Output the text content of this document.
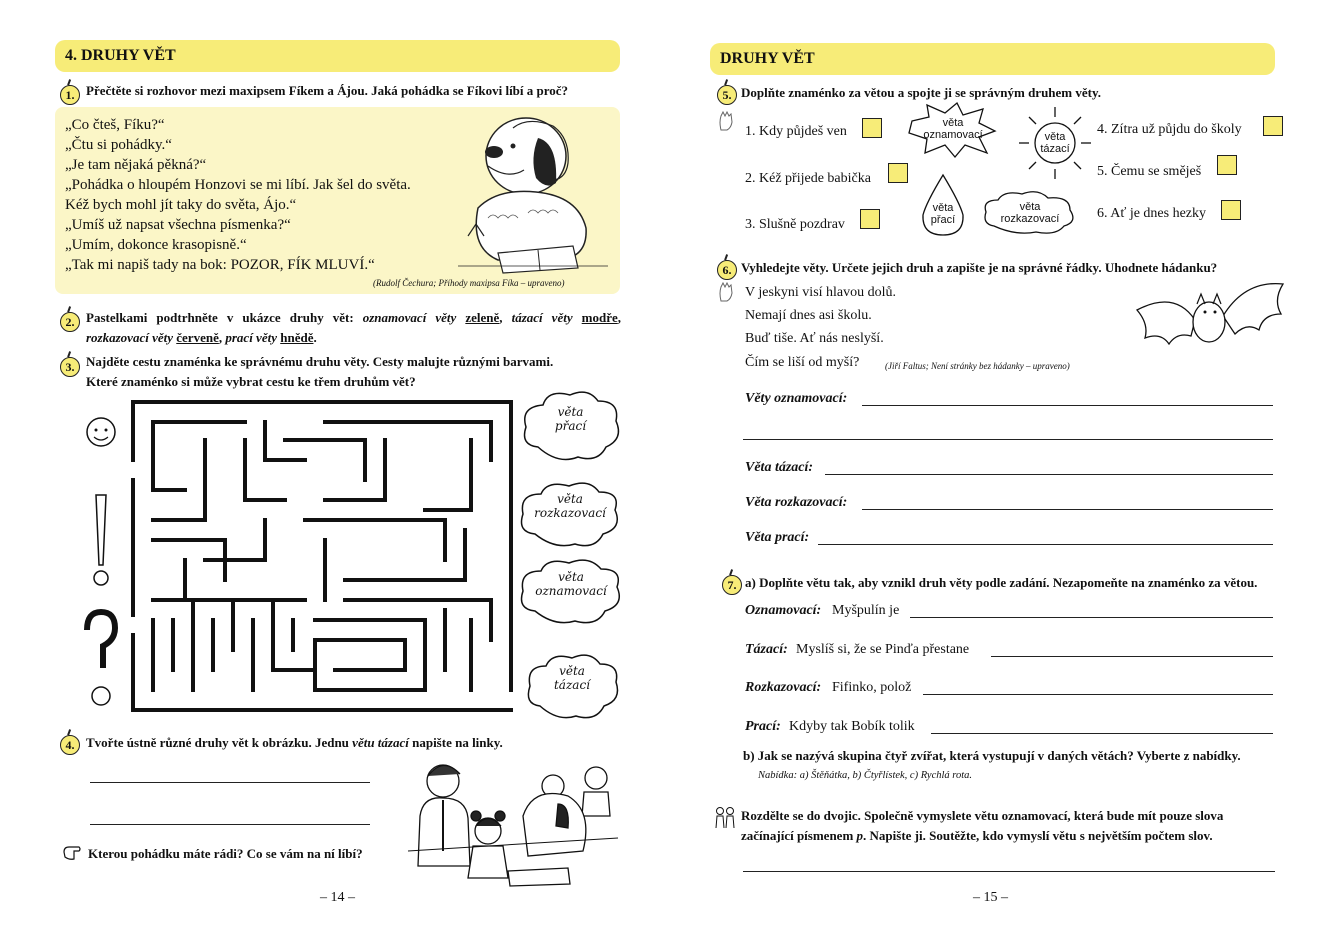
4. DRUHY VĚT
1. Přečtěte si rozhovor mezi maxipsem Fíkem a Ájou. Jaká pohádka se Fíkovi líbí a proč?
„Co čteš, Fíku?“
„Čtu si pohádky.“
„Je tam nějaká pěkná?“
„Pohádka o hloupém Honzovi se mi líbí. Jak šel do světa.
Kéž bych mohl jít taky do světa, Ájo.“
„Umíš už napsat všechna písmenka?“
„Umím, dokonce krasopisně.“
„Tak mi napiš tady na bok: POZOR, FÍK MLUVÍ.“
(Rudolf Čechura; Příhody maxipsa Fíka – upraveno)
2. Pastelkami podtrhněte v ukázce druhy vět: oznamovací věty zeleně, tázací věty modře, rozkazovací věty červeně, prací věty hnědě.
3. Najděte cestu znaménka ke správnému druhu věty. Cesty malujte různými barvami.
Které znaménko si může vybrat cestu ke třem druhům vět?
věta
přací
věta
rozkazovací
věta
oznamovací
věta
tázací
4. Tvořte ústně různé druhy vět k obrázku. Jednu větu tázací napište na linky.
Kterou pohádku máte rádi? Co se vám na ní líbí?
– 14 –
DRUHY VĚT
5. Doplňte znaménko za větou a spojte ji se správným druhem věty.
1. Kdy půjdeš ven
2. Kéž přijede babička
3. Slušně pozdrav
4. Zítra už půjdu do školy
5. Čemu se směješ
6. Ať je dnes hezky
věta
oznamovací	věta
tázací
věta
přací
věta
rozkazovací
6. Vyhledejte věty. Určete jejich druh a zapište je na správné řádky. Uhodnete hádanku?
V jeskyni visí hlavou dolů.
Nemají dnes asi školu.
Buď tiše. Ať nás neslyší.
Čím se liší od myší?	(Jiří Faltus; Není stránky bez hádanky – upraveno)
Věty oznamovací:
Věta tázací:
Věta rozkazovací:
Věta prací:
7. a) Doplňte větu tak, aby vznikl druh věty podle zadání. Nezapomeňte na znaménko za větou.
Oznamovací: Myšpulín je
Tázací: Myslíš si, že se Pinďa přestane
Rozkazovací: Fifinko, polož
Prací: Kdyby tak Bobík tolik
b) Jak se nazývá skupina čtyř zvířat, která vystupují v daných větách? Vyberte z nabídky.
Nabídka: a) Štěňátka, b) Čtyřlístek, c) Rychlá rota.
Rozdělte se do dvojic. Společně vymyslete větu oznamovací, která bude mít pouze slova
začínající písmenem p. Napište ji. Soutěžte, kdo vymyslí větu s největším počtem slov.
– 15 –
